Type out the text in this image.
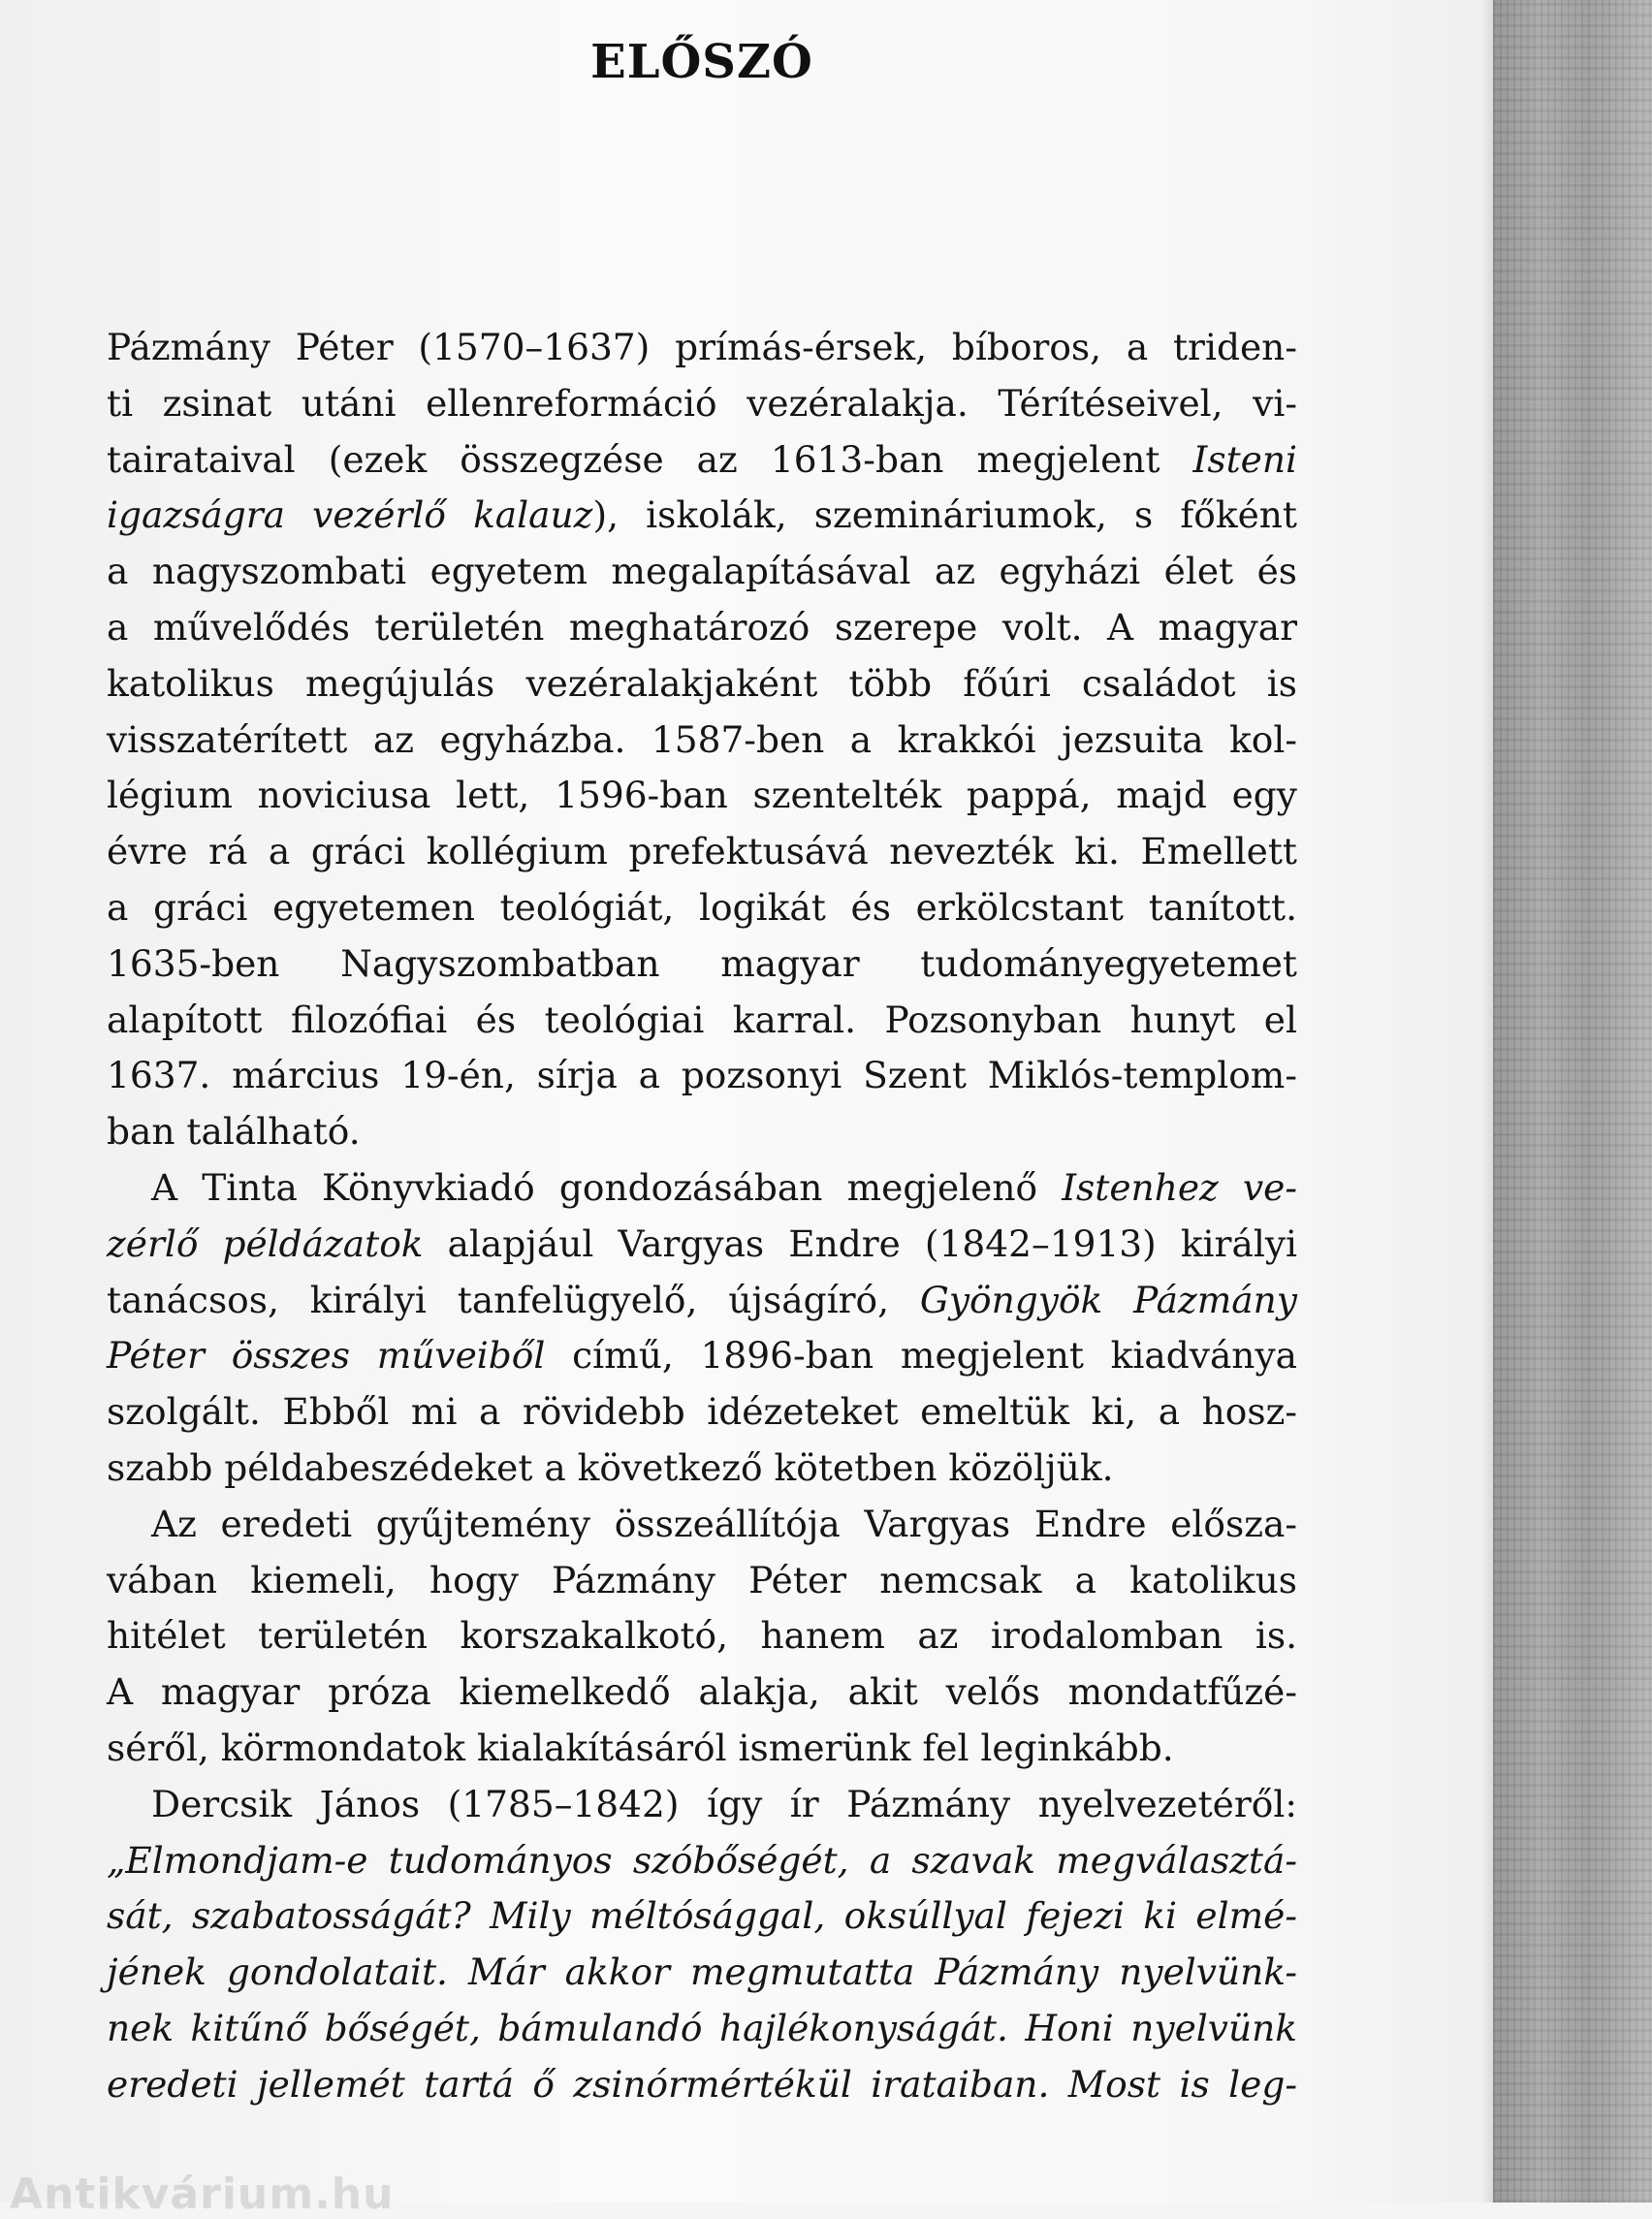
ELŐSZÓ
Pázmány Péter (1570–1637) prímás-érsek, bíboros, a triden-
ti zsinat utáni ellenreformáció vezéralakja. Térítéseivel, vi-
tairataival (ezek összegzése az 1613-ban megjelent Isteni
igazságra vezérlő kalauz), iskolák, szemináriumok, s főként
a nagyszombati egyetem megalapításával az egyházi élet és
a művelődés területén meghatározó szerepe volt. A magyar
katolikus megújulás vezéralakjaként több főúri családot is
visszatérített az egyházba. 1587-ben a krakkói jezsuita kol-
légium noviciusa lett, 1596-ban szentelték pappá, majd egy
évre rá a gráci kollégium prefektusává nevezték ki. Emellett
a gráci egyetemen teológiát, logikát és erkölcstant tanított.
1635-ben Nagyszombatban magyar tudományegyetemet
alapított filozófiai és teológiai karral. Pozsonyban hunyt el
1637. március 19-én, sírja a pozsonyi Szent Miklós-templom-
ban található.
A Tinta Könyvkiadó gondozásában megjelenő Istenhez ve-
zérlő példázatok alapjául Vargyas Endre (1842–1913) királyi
tanácsos, királyi tanfelügyelő, újságíró, Gyöngyök Pázmány
Péter összes műveiből című, 1896-ban megjelent kiadványa
szolgált. Ebből mi a rövidebb idézeteket emeltük ki, a hosz-
szabb példabeszédeket a következő kötetben közöljük.
Az eredeti gyűjtemény összeállítója Vargyas Endre elősza-
vában kiemeli, hogy Pázmány Péter nemcsak a katolikus
hitélet területén korszakalkotó, hanem az irodalomban is.
A magyar próza kiemelkedő alakja, akit velős mondatfűzé-
séről, körmondatok kialakításáról ismerünk fel leginkább.
Dercsik János (1785–1842) így ír Pázmány nyelvezetéről:
„Elmondjam-e tudományos szóbőségét, a szavak megválasztá-
sát, szabatosságát? Mily méltósággal, oksúllyal fejezi ki elmé-
jének gondolatait. Már akkor megmutatta Pázmány nyelvünk-
nek kitűnő bőségét, bámulandó hajlékonyságát. Honi nyelvünk
eredeti jellemét tartá ő zsinórmértékül irataiban. Most is leg-
Antikvárium.hu
